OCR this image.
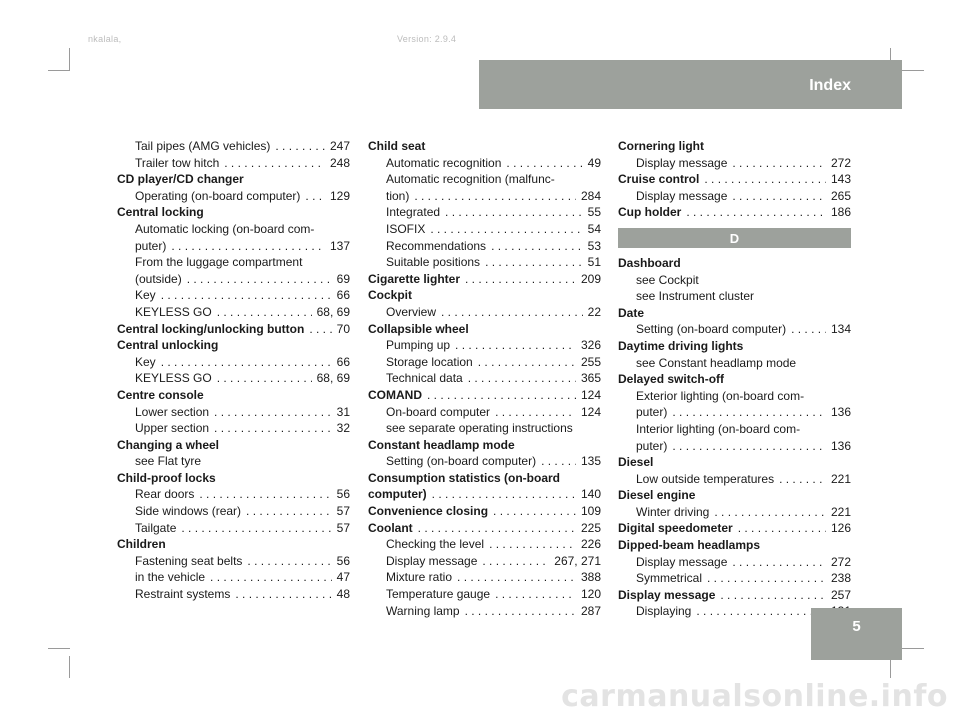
nkalala,	Version: 2.9.4
Index
Tail pipes (AMG vehicles) . . .	247
Trailer tow hitch . . .	248
CD player/CD changer
Operating (on-board computer) . . . 129
Central locking
Automatic locking (on-board com-
puter) . . .	137
From the luggage compartment
(outside) . . .	69
Key . . .	66
KEYLESS GO . . .	68, 69
Central locking/unlocking button . . .	70
Central unlocking
Key . . .	66
KEYLESS GO . . .	68, 69
Centre console
Lower section . . .	31
Upper section . . .	32
Changing a wheel
see Flat tyre
Child-proof locks
Rear doors . . .	56
Side windows (rear) . . .	57
Tailgate . . .	57
Children
Fastening seat belts . . .	56
in the vehicle . . .	47
Restraint systems . . .	48
Child seat
Automatic recognition . . .	49
Automatic recognition (malfunc-
tion) . . .	284
Integrated . . .	55
ISOFIX . . .	54
Recommendations . . .	53
Suitable positions . . .	51
Cigarette lighter . . .	209
Cockpit
Overview . . .	22
Collapsible wheel
Pumping up . . .	326
Storage location . . .	255
Technical data . . .	365
COMAND . . .	124
On-board computer . . .	124
see separate operating instructions
Constant headlamp mode
Setting (on-board computer) . . .	135
Consumption statistics (on-board
computer) . . .	140
Convenience closing . . .	109
Coolant . . .	225
Checking the level . . .	226
Display message . . .	267, 271
Mixture ratio . . .	388
Temperature gauge . . .	120
Warning lamp . . .	287
Cornering light
Display message . . .	272
Cruise control . . .	143
Display message . . .	265
Cup holder . . .	186
D
Dashboard
see Cockpit
see Instrument cluster
Date
Setting (on-board computer) . . .	134
Daytime driving lights
see Constant headlamp mode
Delayed switch-off
Exterior lighting (on-board com-
puter) . . .	136
Interior lighting (on-board com-
puter) . . .	136
Diesel
Low outside temperatures . . .	221
Diesel engine
Winter driving . . .	221
Digital speedometer . . .	126
Dipped-beam headlamps
Display message . . .	272
Symmetrical . . .	238
Display message . . .	257
Displaying
. . .
5
carmanualsonline.info
